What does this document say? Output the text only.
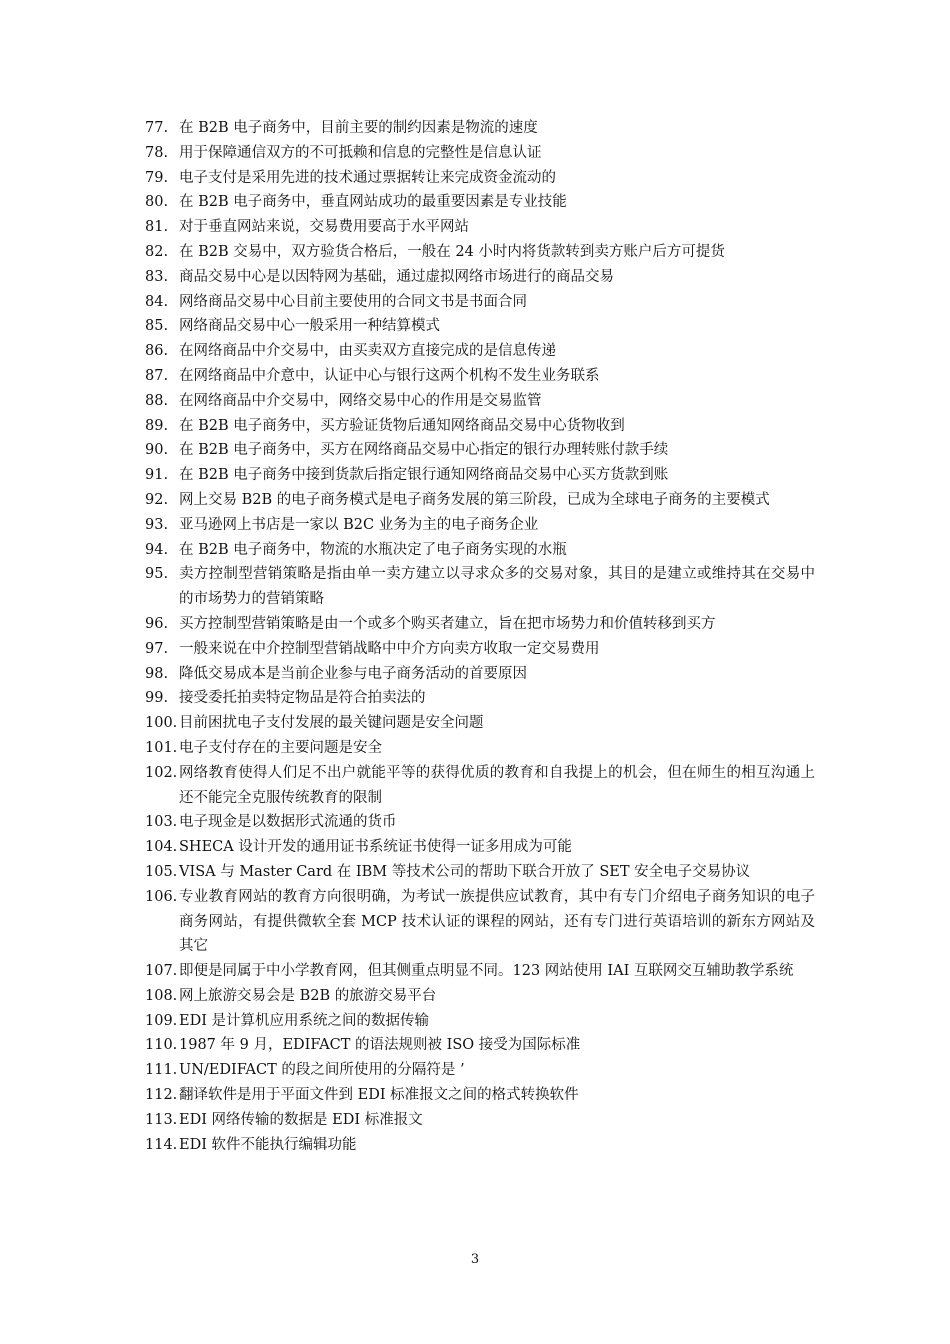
77. 在 B2B 电子商务中，目前主要的制约因素是物流的速度
78. 用于保障通信双方的不可抵赖和信息的完整性是信息认证
79. 电子支付是采用先进的技术通过票据转让来完成资金流动的
80. 在 B2B 电子商务中，垂直网站成功的最重要因素是专业技能
81. 对于垂直网站来说，交易费用要高于水平网站
82. 在 B2B 交易中，双方验货合格后，一般在 24 小时内将货款转到卖方账户后方可提货
83. 商品交易中心是以因特网为基础，通过虚拟网络市场进行的商品交易
84. 网络商品交易中心目前主要使用的合同文书是书面合同
85. 网络商品交易中心一般采用一种结算模式
86. 在网络商品中介交易中，由买卖双方直接完成的是信息传递
87. 在网络商品中介意中，认证中心与银行这两个机构不发生业务联系
88. 在网络商品中介交易中，网络交易中心的作用是交易监管
89. 在 B2B 电子商务中，买方验证货物后通知网络商品交易中心货物收到
90. 在 B2B 电子商务中，买方在网络商品交易中心指定的银行办理转账付款手续
91. 在 B2B 电子商务中接到货款后指定银行通知网络商品交易中心买方货款到账
92. 网上交易 B2B 的电子商务模式是电子商务发展的第三阶段，已成为全球电子商务的主要模式
93. 亚马逊网上书店是一家以 B2C 业务为主的电子商务企业
94. 在 B2B 电子商务中，物流的水瓶决定了电子商务实现的水瓶
95. 卖方控制型营销策略是指由单一卖方建立以寻求众多的交易对象，其目的是建立或维持其在交易中的市场势力的营销策略
96. 买方控制型营销策略是由一个或多个购买者建立，旨在把市场势力和价值转移到买方
97. 一般来说在中介控制型营销战略中中介方向卖方收取一定交易费用
98. 降低交易成本是当前企业参与电子商务活动的首要原因
99. 接受委托拍卖特定物品是符合拍卖法的
100. 目前困扰电子支付发展的最关键问题是安全问题
101. 电子支付存在的主要问题是安全
102. 网络教育使得人们足不出户就能平等的获得优质的教育和自我提上的机会，但在师生的相互沟通上还不能完全克服传统教育的限制
103. 电子现金是以数据形式流通的货币
104. SHECA 设计开发的通用证书系统证书使得一证多用成为可能
105. VISA 与 Master Card 在 IBM 等技术公司的帮助下联合开放了 SET 安全电子交易协议
106. 专业教育网站的教育方向很明确，为考试一族提供应试教育，其中有专门介绍电子商务知识的电子商务网站，有提供微软全套 MCP 技术认证的课程的网站，还有专门进行英语培训的新东方网站及其它
107. 即便是同属于中小学教育网，但其侧重点明显不同。123 网站使用 IAI 互联网交互辅助教学系统
108. 网上旅游交易会是 B2B 的旅游交易平台
109. EDI 是计算机应用系统之间的数据传输
110. 1987 年 9 月，EDIFACT 的语法规则被 ISO 接受为国际标准
111. UN/EDIFACT 的段之间所使用的分隔符是 ’
112. 翻译软件是用于平面文件到 EDI 标准报文之间的格式转换软件
113. EDI 网络传输的数据是 EDI 标准报文
114. EDI 软件不能执行编辑功能
3
